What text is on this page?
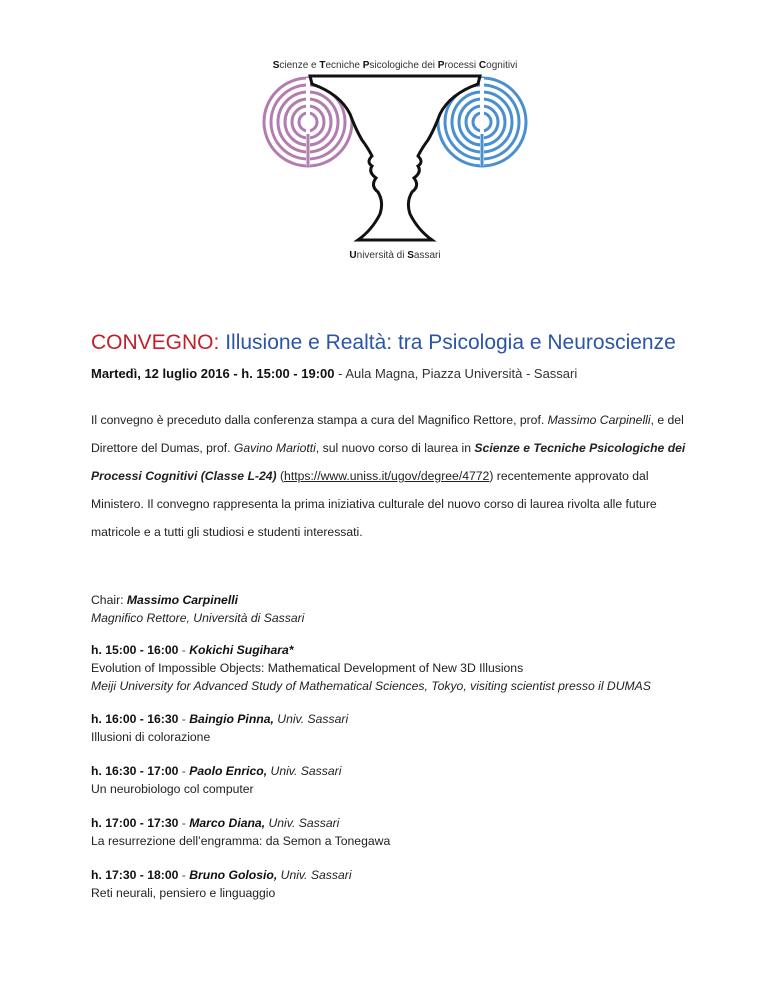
Scienze e Tecniche Psicologiche dei Processi Cognitivi
Università di Sassari
CONVEGNO: Illusione e Realtà: tra Psicologia e Neuroscienze
Martedì, 12 luglio 2016 - h. 15:00 - 19:00 - Aula Magna, Piazza Università - Sassari
Il convegno è preceduto dalla conferenza stampa a cura del Magnifico Rettore, prof. Massimo Carpinelli, e del Direttore del Dumas, prof. Gavino Mariotti, sul nuovo corso di laurea in Scienze e Tecniche Psicologiche dei Processi Cognitivi (Classe L-24) (https://www.uniss.it/ugov/degree/4772) recentemente approvato dal Ministero. Il convegno rappresenta la prima iniziativa culturale del nuovo corso di laurea rivolta alle future matricole e a tutti gli studiosi e studenti interessati.
Chair: Massimo Carpinelli
Magnifico Rettore, Università di Sassari
h. 15:00 - 16:00 - Kokichi Sugihara*
Evolution of Impossible Objects: Mathematical Development of New 3D Illusions
Meiji University for Advanced Study of Mathematical Sciences, Tokyo, visiting scientist presso il DUMAS
h. 16:00 - 16:30 - Baingio Pinna, Univ. Sassari
Illusioni di colorazione
h. 16:30 - 17:00 - Paolo Enrico, Univ. Sassari
Un neurobiologo col computer
h. 17:00 - 17:30 - Marco Diana, Univ. Sassari
La resurrezione dell’engramma: da Semon a Tonegawa
h. 17:30 - 18:00 - Bruno Golosio, Univ. Sassari
Reti neurali, pensiero e linguaggio
